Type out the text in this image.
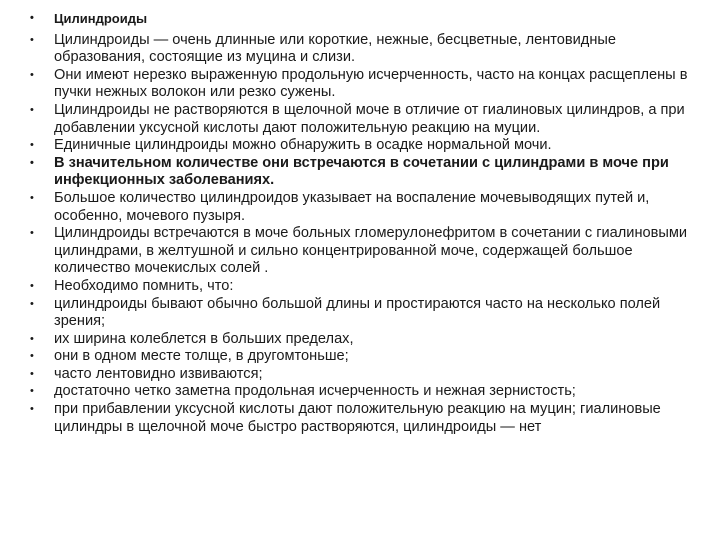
• Цилиндроиды
• Цилиндроиды — очень длинные или короткие, нежные, бесцветные, лентовидные образования, состоящие из муцина и слизи.
• Они имеют нерезко выраженную продольную исчерченность, часто на концах расщеплены в пучки нежных волокон или резко сужены.
• Цилиндроиды не растворяются в щелочной моче в отличие от гиалиновых цилиндров, а при добавлении уксусной кислоты дают положительную реакцию на муции.
• Единичные цилиндроиды можно обнаружить в осадке нормальной мочи.
• В значительном количестве они встречаются в сочетании с цилиндрами в моче при инфекционных заболеваниях.
• Большое количество цилиндроидов указывает на воспаление мочевыводящих путей и, особенно, мочевого пузыря.
• Цилиндроиды встречаются в моче больных гломерулонефритом в сочетании с гиалиновыми цилиндрами, в желтушной и сильно концентрированной моче, содержащей большое количество мочекислых солей .
• Необходимо помнить, что:
• цилиндроиды бывают обычно большой длины и простираются часто на несколько полей зрения;
• их ширина колеблется в больших пределах,
• они в одном месте толще, в другомтоньше;
• часто лентовидно извиваются;
• достаточно четко заметна продольная исчерченность и нежная зернистость;
• при прибавлении уксусной кислоты дают положительную реакцию на муцин; гиалиновые цилиндры в щелочной моче быстро растворяются, цилиндроиды — нет
